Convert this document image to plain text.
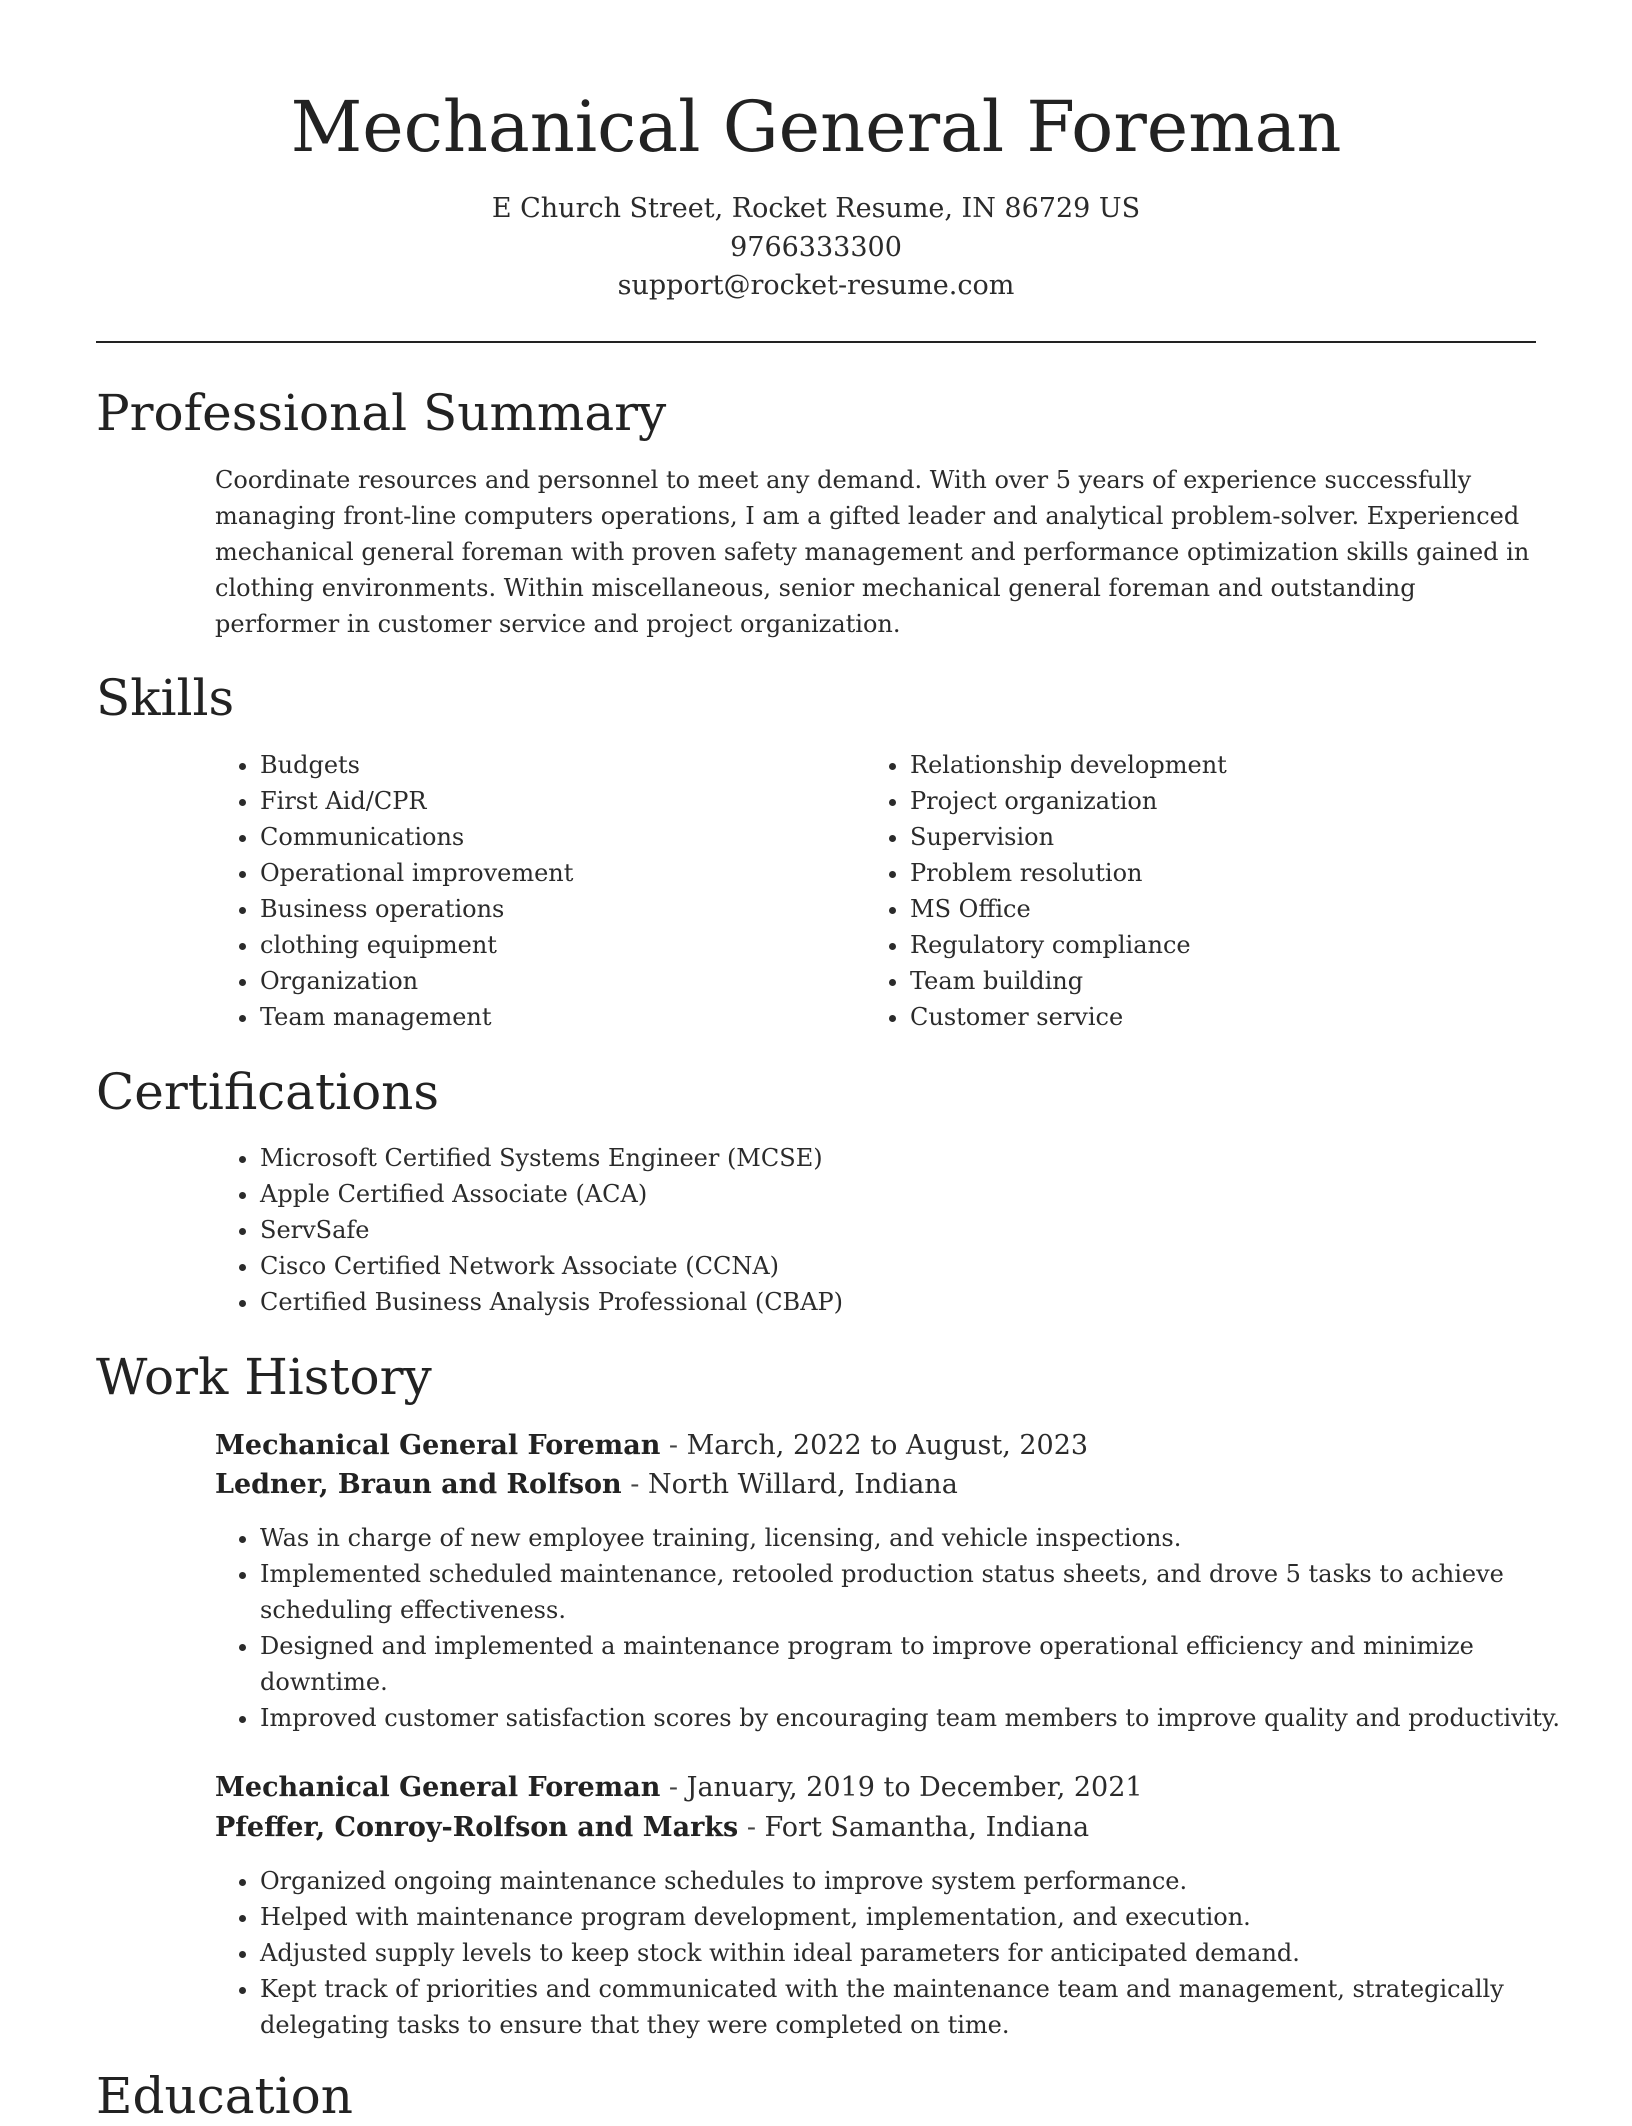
Mechanical General Foreman
E Church Street, Rocket Resume, IN 86729 US
9766333300
support@rocket-resume.com
Professional Summary

Coordinate resources and personnel to meet any demand. With over 5 years of experience successfully managing front-line computers operations, I am a gifted leader and analytical problem-solver. Experienced mechanical general foreman with proven safety management and performance optimization skills gained in clothing environments. Within miscellaneous, senior mechanical general foreman and outstanding performer in customer service and project organization.

Skills
• Budgets
• First Aid/CPR
• Communications
• Operational improvement
• Business operations
• clothing equipment
• Organization
• Team management
• Relationship development
• Project organization
• Supervision
• Problem resolution
• MS Office
• Regulatory compliance
• Team building
• Customer service
Certifications
• Microsoft Certified Systems Engineer (MCSE)
• Apple Certified Associate (ACA)
• ServSafe
• Cisco Certified Network Associate (CCNA)
• Certified Business Analysis Professional (CBAP)
Work History
Mechanical General Foreman - March, 2022 to August, 2023
Ledner, Braun and Rolfson - North Willard, Indiana
• Was in charge of new employee training, licensing, and vehicle inspections.
• Implemented scheduled maintenance, retooled production status sheets, and drove 5 tasks to achieve scheduling effectiveness.
• Designed and implemented a maintenance program to improve operational efficiency and minimize downtime.
• Improved customer satisfaction scores by encouraging team members to improve quality and productivity.
Mechanical General Foreman - January, 2019 to December, 2021
Pfeffer, Conroy-Rolfson and Marks - Fort Samantha, Indiana
• Organized ongoing maintenance schedules to improve system performance.
• Helped with maintenance program development, implementation, and execution.
• Adjusted supply levels to keep stock within ideal parameters for anticipated demand.
• Kept track of priorities and communicated with the maintenance team and management, strategically delegating tasks to ensure that they were completed on time.
Education
